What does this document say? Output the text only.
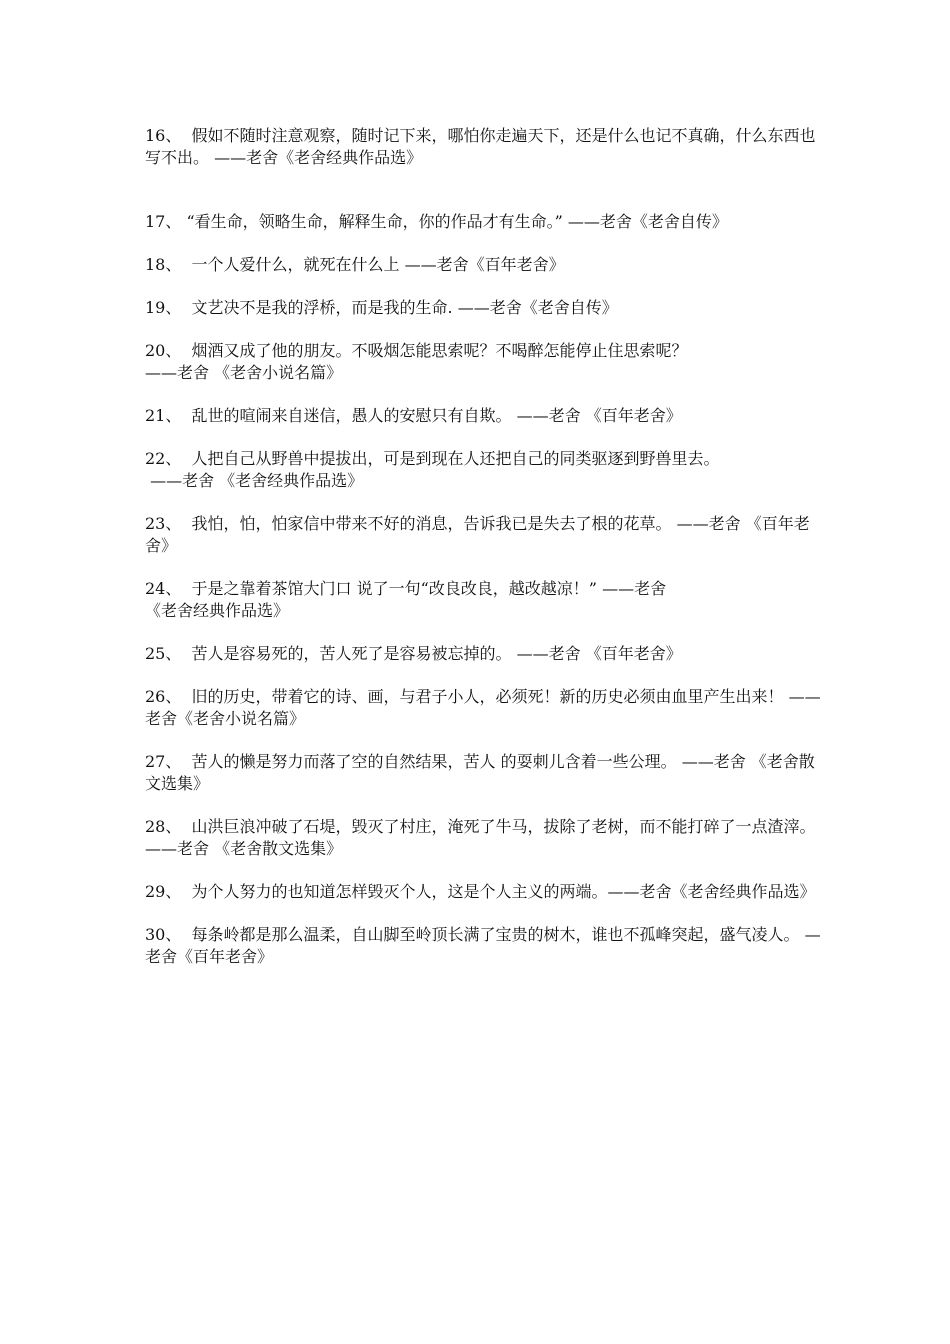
16、  假如不随时注意观察，随时记下来，哪怕你走遍天下，还是什么也记不真确，什么东西也写不出。 ——老舍《老舍经典作品选》

17、 “看生命，领略生命，解释生命，你的作品才有生命。” ——老舍《老舍自传》

18、  一个人爱什么，就死在什么上 ——老舍《百年老舍》

19、  文艺决不是我的浮桥，而是我的生命. ——老舍《老舍自传》

20、  烟酒又成了他的朋友。不吸烟怎能思索呢？不喝醉怎能停止住思索呢？
——老舍 《老舍小说名篇》

21、  乱世的喧闹来自迷信，愚人的安慰只有自欺。 ——老舍 《百年老舍》

22、  人把自己从野兽中提拔出，可是到现在人还把自己的同类驱逐到野兽里去。
——老舍 《老舍经典作品选》

23、  我怕，怕，怕家信中带来不好的消息，告诉我已是失去了根的花草。 ——老舍 《百年老舍》

24、  于是之靠着茶馆大门口 说了一句“改良改良，越改越凉！” ——老舍
《老舍经典作品选》

25、  苦人是容易死的，苦人死了是容易被忘掉的。 ——老舍 《百年老舍》

26、  旧的历史，带着它的诗、画，与君子小人，必须死！新的历史必须由血里产生出来！ ——老舍《老舍小说名篇》

27、  苦人的懒是努力而落了空的自然结果，苦人 的耍刺儿含着一些公理。 ——老舍 《老舍散文选集》

28、  山洪巨浪冲破了石堤，毁灭了村庄，淹死了牛马，拔除了老树，而不能打碎了一点渣滓。 ——老舍 《老舍散文选集》

29、  为个人努力的也知道怎样毁灭个人，这是个人主义的两端。——老舍《老舍经典作品选》

30、  每条岭都是那么温柔，自山脚至岭顶长满了宝贵的树木，谁也不孤峰突起，盛气凌人。 —老舍《百年老舍》
